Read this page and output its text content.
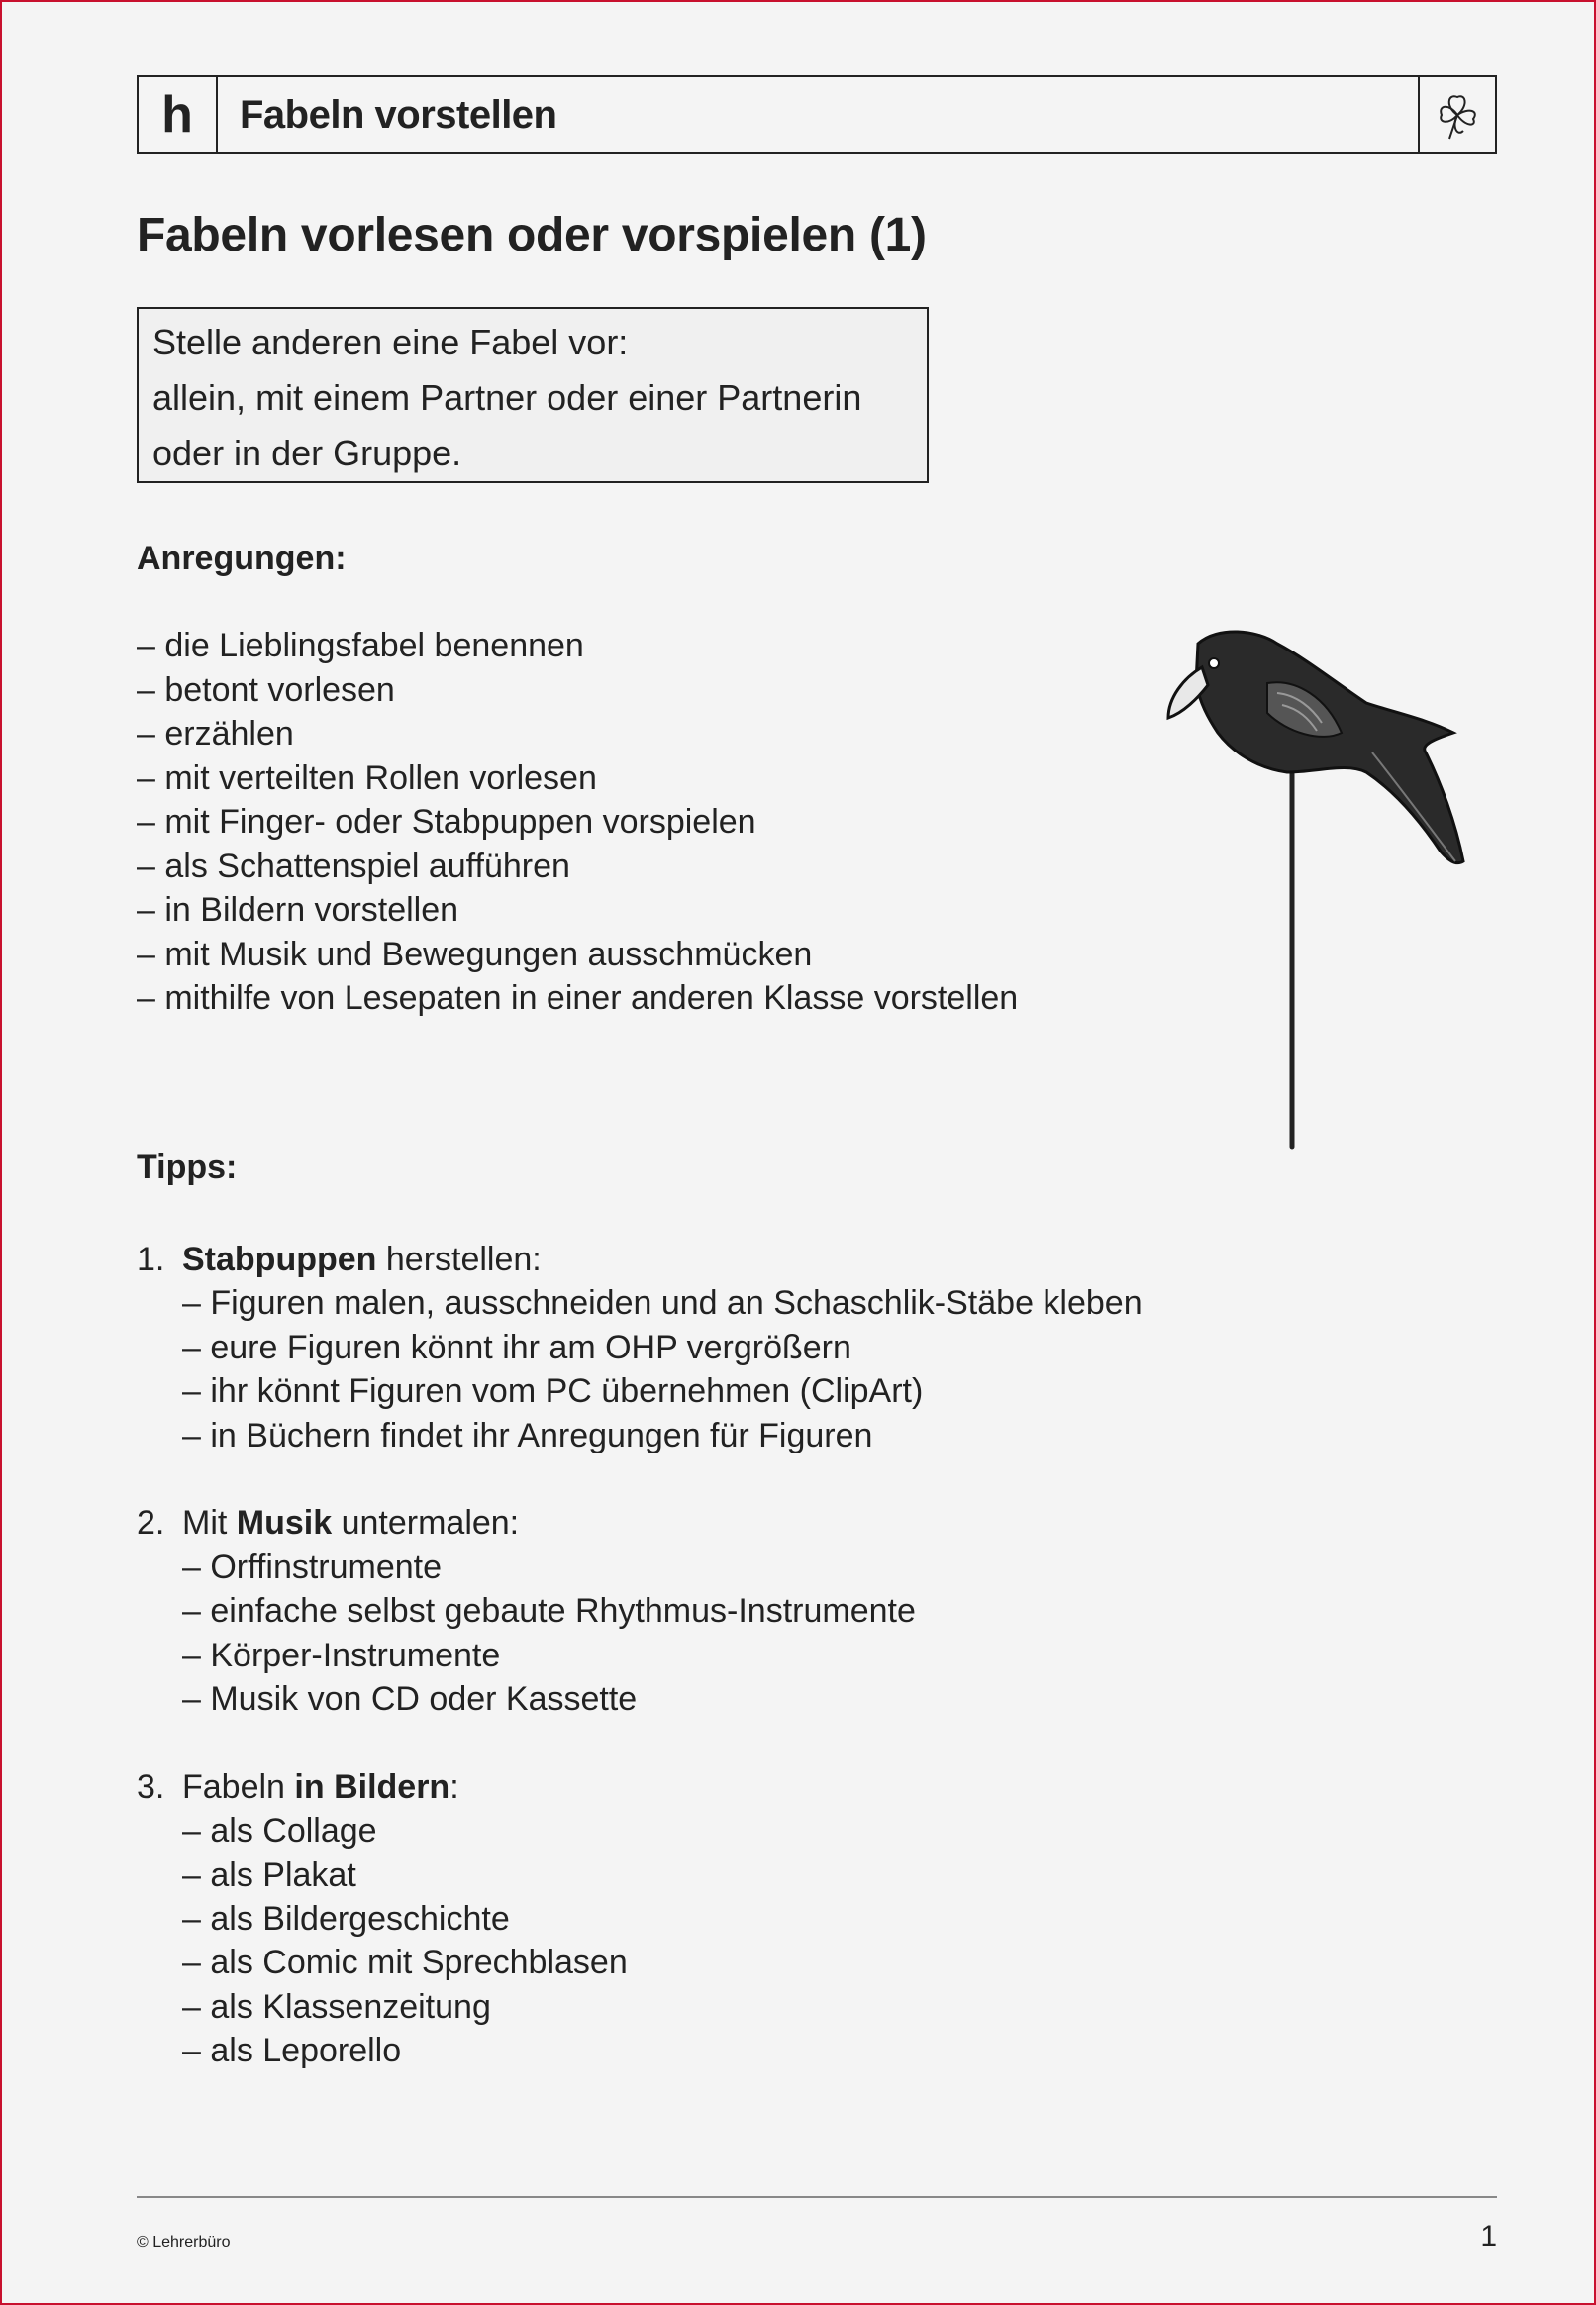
h	Fabeln vorstellen
Fabeln vorlesen oder vorspielen (1)
Stelle anderen eine Fabel vor:
allein, mit einem Partner oder einer Partnerin
oder in der Gruppe.
Anregungen:
– die Lieblingsfabel benennen
– betont vorlesen
– erzählen
– mit verteilten Rollen vorlesen
– mit Finger- oder Stabpuppen vorspielen
– als Schattenspiel aufführen
– in Bildern vorstellen
– mit Musik und Bewegungen ausschmücken
– mithilfe von Lesepaten in einer anderen Klasse vorstellen
Tipps:
1. Stabpuppen herstellen:
– Figuren malen, ausschneiden und an Schaschlik-Stäbe kleben
– eure Figuren könnt ihr am OHP vergrößern
– ihr könnt Figuren vom PC übernehmen (ClipArt)
– in Büchern findet ihr Anregungen für Figuren
2. Mit Musik untermalen:
– Orffinstrumente
– einfache selbst gebaute Rhythmus-Instrumente
– Körper-Instrumente
– Musik von CD oder Kassette
3. Fabeln in Bildern:
– als Collage
– als Plakat
– als Bildergeschichte
– als Comic mit Sprechblasen
– als Klassenzeitung
– als Leporello
© Lehrerbüro	1
